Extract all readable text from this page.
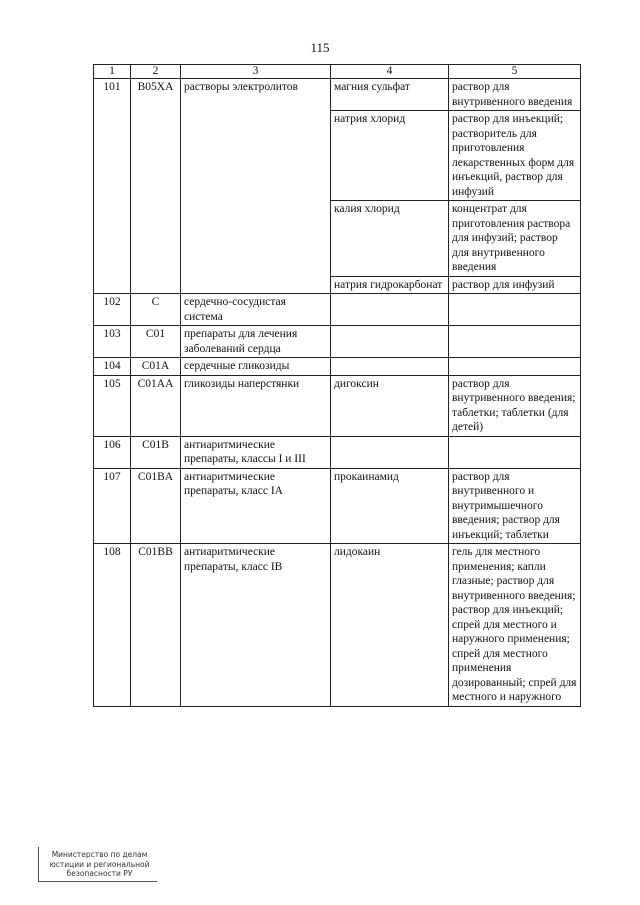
115
1	2	3	4	5
101	B05XA	растворы электролитов	магния сульфат	раствор для внутривенного введения
			натрия хлорид	раствор для инъекций; растворитель для приготовления лекарственных форм для инъекций, раствор для инфузий
			калия хлорид	концентрат для приготовления раствора для инфузий; раствор для внутривенного введения
			натрия гидрокарбонат	раствор для инфузий
102	C	сердечно-сосудистая система		
103	C01	препараты для лечения заболеваний сердца		
104	C01A	сердечные гликозиды		
105	C01AA	гликозиды наперстянки	дигоксин	раствор для внутривенного введения; таблетки; таблетки (для детей)
106	C01B	антиаритмические препараты, классы I и III		
107	C01BA	антиаритмические препараты, класс IA	прокаинамид	раствор для внутривенного и внутримышечного введения; раствор для инъекций; таблетки
108	C01BB	антиаритмические препараты, класс IB	лидокаин	гель для местного применения; капли глазные; раствор для внутривенного введения; раствор для инъекций; спрей для местного и наружного применения; спрей для местного применения дозированный; спрей для местного и наружного
Министерство по делам
юстиции и региональной
безопасности РУ
